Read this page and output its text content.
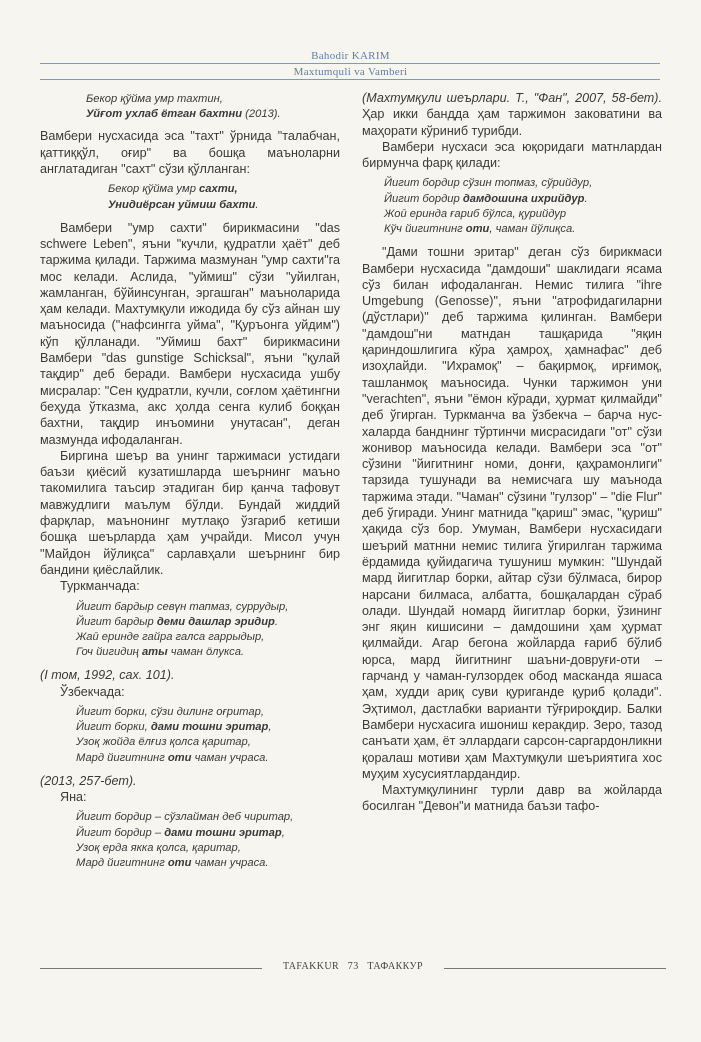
Bahodir KARIM
Maxtumquli va Vamberi
Бекор қўйма умр тахтин,
Уйғот ухлаб ётган бахтни (2013).

Вамбери нусхасида эса "тахт" ўрнида "талабчан, қаттиққўл, оғир" ва бошқа маъноларни англатадиган "сахт" сўзи қўлланган:

Бекор қўйма умр сахти,
Унидиёрсан уймиш бахти.

Вамбери "умр сахти" бирикмасини "das schwere Leben", яъни "кучли, қудратли ҳаёт" деб таржима қилади. Таржима мазмунан "умр сахти"га мос келади. Аслида, "уймиш" сўзи "уйилган, жамланган, бўйинсунган, эргашган" маъноларида ҳам келади. Махтумқули ижодида бу сўз айнан шу маъносида ("нафсингга уйма", "Қуръонга уйдим") кўп қўлланади. "Уймиш бахт" бирикмасини Вамбери "das gunstige Schicksal", яъни "қулай тақдир" деб беради. Вамбери нусхасида ушбу мисралар: "Сен қудратли, кучли, соғлом ҳаётингни беҳуда ўтказма, акс ҳолда сенга кулиб боққан бахтни, тақдир инъомини унутасан", деган мазмунда ифодаланган.

Биргина шеър ва унинг таржимаси устидаги баъзи қиёсий кузатишларда шеърнинг маъно такомилига таъсир этадиган бир қанча тафовут мавжудлиги маълум бўлди. Бундай жиддий фарқлар, маънонинг мутлақо ўзгариб кетиши бошқа шеърларда ҳам учрайди. Мисол учун "Майдон йўлиқса" сарлавҳали шеърнинг бир бандини қиёслайлик.

Туркманчада:

Йигит бардыр севүн тапмаз, суррудыр,
Йигит бардыр деми дашлар эридир.
Жаӣ еринде гайра галса гаррыдыр,
Гоч йигидиң аты чаман ӧлукса.

(I том, 1992, сах. 101).

Ўзбекчада:

Йигит борки, сўзи дилинг оғритар,
Йигит борки, дами тошни эритар,
Узоқ жойда ёлғиз қолса қаритар,
Мард йигитнинг оти чаман учраса.

(2013, 257-бет).

Яна:

Йигит бордир – сўзлайман деб чиритар,
Йигит бордир – дами тошни эритар,
Узоқ ерда якка қолса, қаритар,
Мард йигитнинг оти чаман учраса.

(Махтумқули шеърлари. Т., "Фан", 2007, 58-бет). Ҳар икки бандда ҳам таржимон заковатини ва маҳорати кўриниб турибди.

Вамбери нусхаси эса юқоридаги матнлардан бирмунча фарқ қилади:

Йигит бордир сўзин топмаз, сўрийдур,
Йигит бордир дамдошина ихрийдур.
Жоӣ еринда ғариб бўлса, қурийдур
Кўч йигитнинг оти, чаман йўлиқса.

"Дами тошни эритар" деган сўз бирикмаси Вамбери нусхасида "дамдоши" шаклидаги ясама сўз билан ифодаланган. Немис тилига "ihre Umgebung (Genosse)", яъни "атрофидагиларни (дўстлари)" деб таржима қилинган. Вамбери "дамдош"ни матндан ташқарида "яқин қариндошлигига кўра ҳамроҳ, ҳамнафас" деб изоҳлайди. "Ихрамоқ" – бақирмоқ, ирғимоқ, ташланмоқ маъносида. Чунки таржимон уни "verachten", яъни "ёмон кўради, ҳурмат қилмайди" деб ўгирган. Туркманча ва ўзбекча – барча нусхаларда банднинг тўртинчи мисрасидаги "от" сўзи жонивор маъносида келади. Вамбери эса "от" сўзини "йигитнинг номи, донғи, қаҳрамонлиги" тарзида тушунади ва немисчага шу маънода таржима этади. "Чаман" сўзини "гулзор" – "die Flur" деб ўгиради. Унинг матнида "қариш" эмас, "қуриш" ҳақида сўз бор. Умуман, Вамбери нусхасидаги шеърий матнни немис тилига ўгирилган таржима ёрдамида қуйидагича тушуниш мумкин: "Шундай мард йигитлар борки, айтар сўзи бўлмаса, бирор нарсани билмаса, албатта, бошқалардан сўраб олади. Шундай номард йигитлар борки, ўзининг энг яқин кишисини – дамдошини ҳам ҳурмат қилмайди. Агар бегона жойларда ғариб бўлиб юрса, мард йигитнинг шаъни-довруғи-оти – гарчанд у чаман-гулзордек обод масканда яшаса ҳам, худди ариқ суви қуриганде қуриб қолади". Эҳтимол, дастлабки варианти тўғрироқдир. Балки Вамбери нусхасига ишониш керакдир. Зеро, тазод санъати ҳам, ёт эллардаги сарсон-саргардонликни қоралаш мотиви ҳам Махтумқули шеъриятига хос муҳим хусусиятлардандир.

Махтумқулининг турли давр ва жойларда босилган "Девон"и матнида баъзи тафо-

TAFAKKUR 73 ТАФАККУР
